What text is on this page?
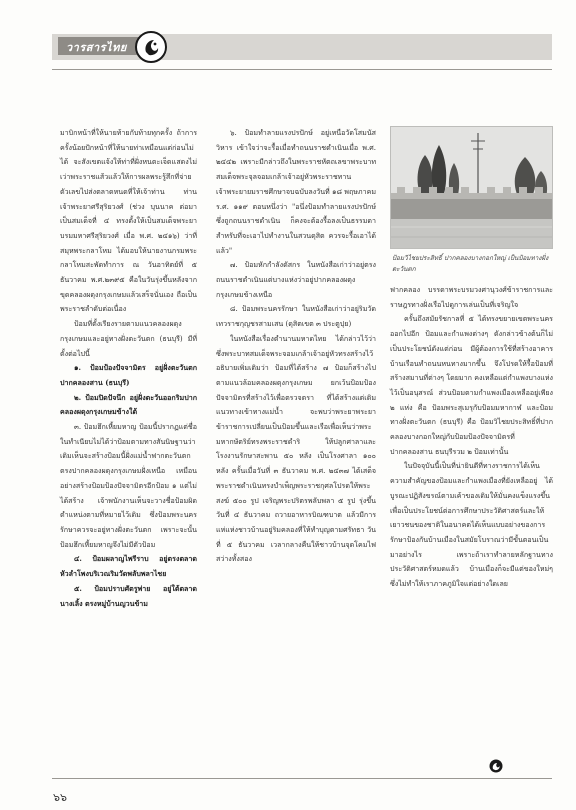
วารสารไทย

มาบิกหน้าที่ให้นายท้ายกับท้ายทุกครั้ง ถ้าการครั้งน้อยปักหน้าที่ให้นายท่าเหมือนแต่ก่อนไม่ได้ จะสังเขตแจ้งให้ท่าที่ฝั่งหนตะเจ็ดเเสดงไม่เว่าพระราชแส้วแล้วให้การผลพระรู้สึกที่จ่ายตัวเลขไปส่งตลาดหนดที่ให้เจ้าท่าน ท่านเจ้าพระยาศรีสุริยวงศ์ (ช่วง บุนนาค ต่อมาเป็นสมเด็จที่ ๔ ทรงตั้งให้เป็นสมเด็จพระยาบรมมหาศรีสุริยวงศ์ เมื่อ พ.ศ. ๒๔๑๖) ว่าที่สมุหพระกลาโหม ได้มอบให้นายงานกรมพระกลาโหมสะพัดทำการ ณ วันอาทิตย์ที่ ๕ ธันวาคม พ.ศ.๒๓๙๕ คือในวันรุ่งขึ้นหลังจากขุดคลองผดุงกรุงเกษมแล้วเสร็จนั่นเอง ถือเป็นพระราชลำดับต่อเนื่อง

ป้อมที่ตั้งเรียงรายตามแนวคลองผดุงกรุงเกษมและอยู่ทางฝั่งตะวันตก (ธนบุรี) มีที่ตั้งต่อไปนี้

๑. ป้อมป้องปัจจามิตร อยู่ฝั่งตะวันตกปากคลองสาน (ธนบุรี)

๒. ป้อมปิดปัจนึก อยู่ฝั่งตะวันออกริมปากคลองผดุงกรุงเกษมข้างใต้

๓. ป้อมฮึกเหี้ยมหาญ ป้อมนี้ปรากฏแต่ชื่อในทำเนียบไม่ได้ว่าป้อมตามทางสันนิษฐานว่า เดิมเห็นจะสร้างป้อมนี้ฝั่งแม่น้ำฟากตะวันตกตรงปากคลองผดุงกรุงเกษมฝั่งเหนือ เหมือนอย่างสร้างป้อมป้องปัจจามิตรอีกป้อม ๑ แต่ไม่ได้สร้าง เจ้าพนักงานเห็นจะวางชื่อป้อมผิดตำแหน่งตามที่หมายไว้เดิม ซึ่งป้อมพระนครรักษาควรจะอยู่ทางฝั่งตะวันตก เพราะจะนั้นป้อมฮึกเหี้ยมหาญจึงไม่มีตัวป้อม

๔. ป้อมผลาญไพรีราบ อยู่ตรงตลาดหัวลำโพงบริเวณริมวัดพลับพลาไชย

๕. ป้อมปราบศัตรูพ่าย อยู่ใต้ตลาดนางเลิ้ง ตรงหมู่บ้านญวนข้าม

๖. ป้อมทำลายแรงปรปักษ์ อยู่เหนือวัดโสมนัสวิหาร เข้าใจว่าจะรื้อเมื่อทำถนนราชดำเนินเมื่อ พ.ศ. ๒๔๔๒ เพราะมีกล่าวถึงในพระราชหัตถเลขาพระบาทสมเด็จพระจุลจอมเกล้าเจ้าอยู่หัวพระราชทานเจ้าพระยายมราชศึกษาจบฉบับลงวันที่ ๑๘ พฤษภาคม ร.ศ. ๑๑๙ ตอนหนึ่งว่า "อนึ่งป้อมทำลายแรงปรปักษ์ ซึ่งถูกถนนราชดำเนิน ก็คงจะต้องรื้อลงเป็นธรรมดา สำหรับที่จะเอาไปทำงานในสวนดุสิต ควรจะรื้อเอาได้แล้ว"

๗. ป้อมหักกำลังดัสกร ในหนังสือเก่าว่าอยู่ตรงถนนราชดำเนินแต่บางแห่งว่าอยู่ปากคลองผดุงกรุงเกษมข้างเหนือ

๘. ป้อมพระนครรักษา ในหนังสือเก่าว่าอยู่ริมวัดเทวราชกุญชรสามเสน (ดุสิตเขต ๓ ประตูปุย)

ในหนังสือเรื่องตำนานมหาดไทย ได้กล่าวไว้ว่า ซึ่งพระบาทสมเด็จพระจอมเกล้าเจ้าอยู่หัวทรงสร้างไว้อธิบายเพิ่มเติมว่า ป้อมที่ได้สร้าง ๗ ป้อมก็สร้างไปตามแนวล้อมคลองผดุงกรุงเกษม ยกเว้นป้อมป้องปัจจามิตรที่สร้างไว้เพื่อตรวจตรา ที่ได้สร้างแต่เดิมแนวทางเข้าทางแม่น้ำ จะพบว่าพระยาพระยาข้าราชการเปลี่ยนเป็นป้อมขึ้นและเรือเพื่อเห็นว่าพระมหากษัตริย์ทรงพระราชดำริ ให้ปลูกศาลาและโรงงานรักษาสะพาน ๕๐ หลัง เป็นโรงศาลา ๑๐๐ หลัง ครั้นเมื่อวันที่ ๓ ธันวาคม พ.ศ. ๒๔๓๗ ได้เสด็จพระราชดำเนินทรงบำเพ็ญพระราชกุศลโปรดให้พระสงฆ์ ๕๐๐ รูป เจริญพระปริตรพลับพลา ๕ รูป รุ่งขึ้นวันที่ ๔ ธันวาคม ถวายอาหารบิณฑบาต แล้วมีการแห่แห่งชาวบ้านอยู่ริมคลองที่ให้ทำบุญตามศรัทธา วันที่ ๕ ธันวาคม เวลากลางคืนให้ชาวบ้านจุดโคมไฟสว่างทั้งสอง

ป้อมวิไชยประสิทธิ์ ปากคลองบางกอกใหญ่ เป็นป้อมทางฝั่งตะวันตก

ฟากคลอง บรรดาพระบรมวงศานุวงศ์ข้าราชการและราษฎรทางฝั่งเรือไปดูการเล่นเป็นที่เจริญใจ

ครั้นถึงสมัยรัชกาลที่ ๕ ได้ทรงขยายเขตพระนครออกไปอีก ป้อมและกำแพงต่างๆ ดังกล่าวข้างต้นก็ไม่เป็นประโยชน์ดังแต่ก่อน มีผู้ต้องการใช้ที่สร้างอาคารบ้านเรือนทำถนนหนทางมากขึ้น จึงโปรดให้รื้อป้อมที่สร้างสมานที่ต่างๆ โดยมาก คงเหลือแต่กำแพงบางแห่งไว้เป็นอนุสรณ์ ส่วนป้อมตามกำแพงเมืองเหลืออยู่เพียง ๒ แห่ง คือ ป้อมพระสุเมรุกับป้อมมหากาฬ และป้อมทางฝั่งตะวันตก (ธนบุรี) คือ ป้อมวิไชยประสิทธิ์ที่ปากคลองบางกอกใหญ่กับป้อมป้องปัจจามิตรที่ปากคลองสาน ธนบุรีรวม ๒ ป้อมเท่านั้น

ในปัจจุบันนี้เป็นที่น่ายินดีที่ทางราชการได้เห็นความสำคัญของป้อมและกำแพงเมืองที่ยังเหลืออยู่ ได้บูรณะปฏิสังขรณ์ตามเค้าของเดิมให้มั่นคงแข็งแรงขึ้น เพื่อเป็นประโยชน์ต่อการศึกษาประวัติศาสตร์และให้เยาวชนของชาติในอนาคตได้เห็นแบบอย่างของการรักษาป้องกันบ้านเมืองในสมัยโบราณว่ามีขั้นตอนเป็นมาอย่างไร เพราะถ้าเราทำลายหลักฐานทางประวัติศาสตร์หมดแล้ว บ้านเมืองก็จะมีแต่ของใหม่ๆ ซึ่งไม่ทำให้เราภาคภูมิใจแต่อย่างใดเลย

๖๖
